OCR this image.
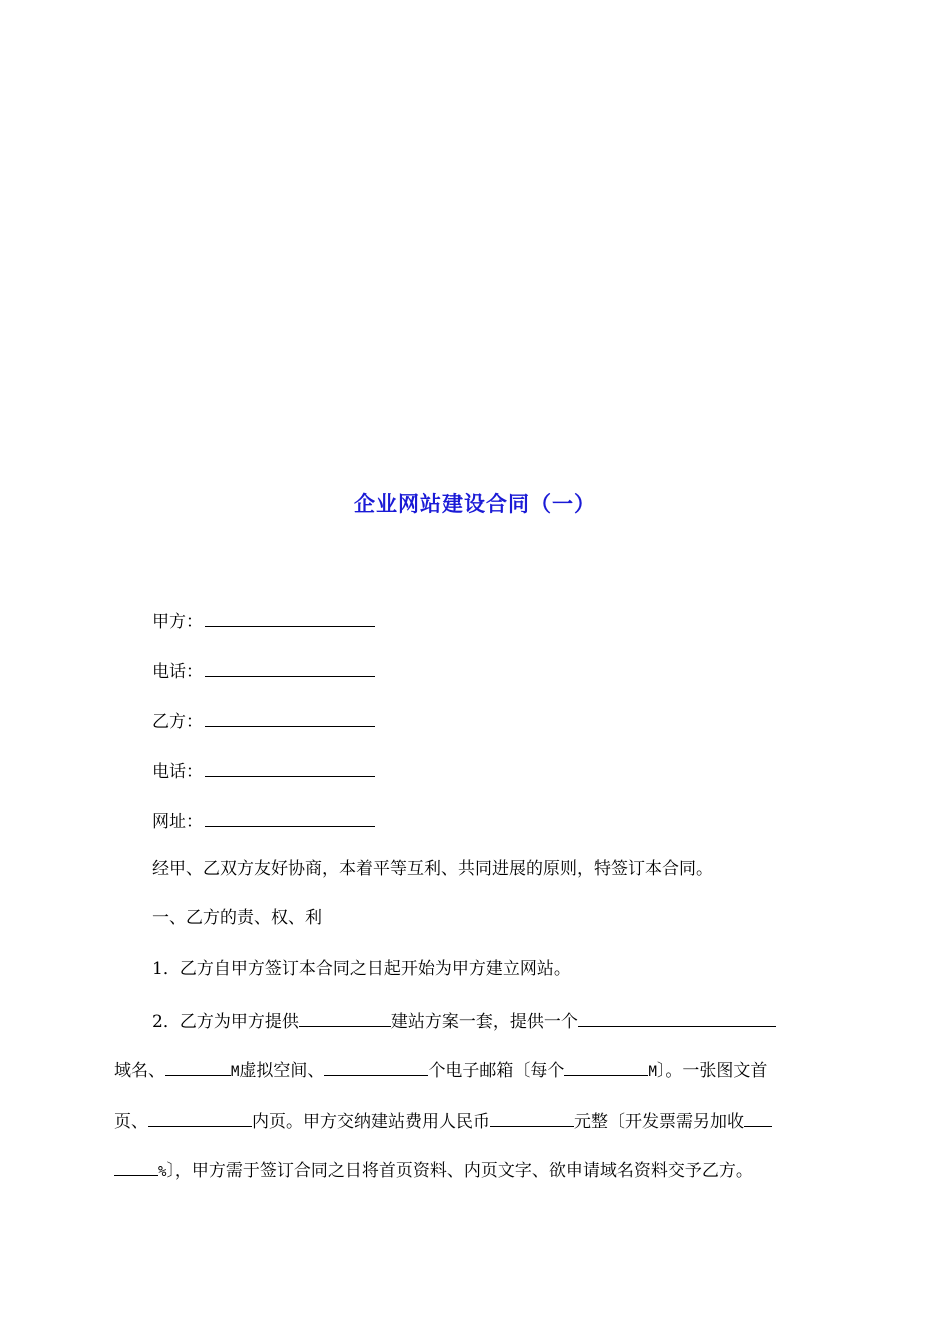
企业网站建设合同（一）
甲方：
电话：
乙方：
电话：
网址：
经甲、乙双方友好协商，本着平等互利、共同进展的原则，特签订本合同。
一、乙方的责、权、利
1．乙方自甲方签订本合同之日起开始为甲方建立网站。
2．乙方为甲方提供	建站方案一套，提供一个
域名、	M虚拟空间、	个电子邮箱〔每个	M〕。一张图文首
页、	内页。甲方交纳建站费用人民币	元整〔开发票需另加收
%〕，甲方需于签订合同之日将首页资料、内页文字、欲申请域名资料交予乙方。
